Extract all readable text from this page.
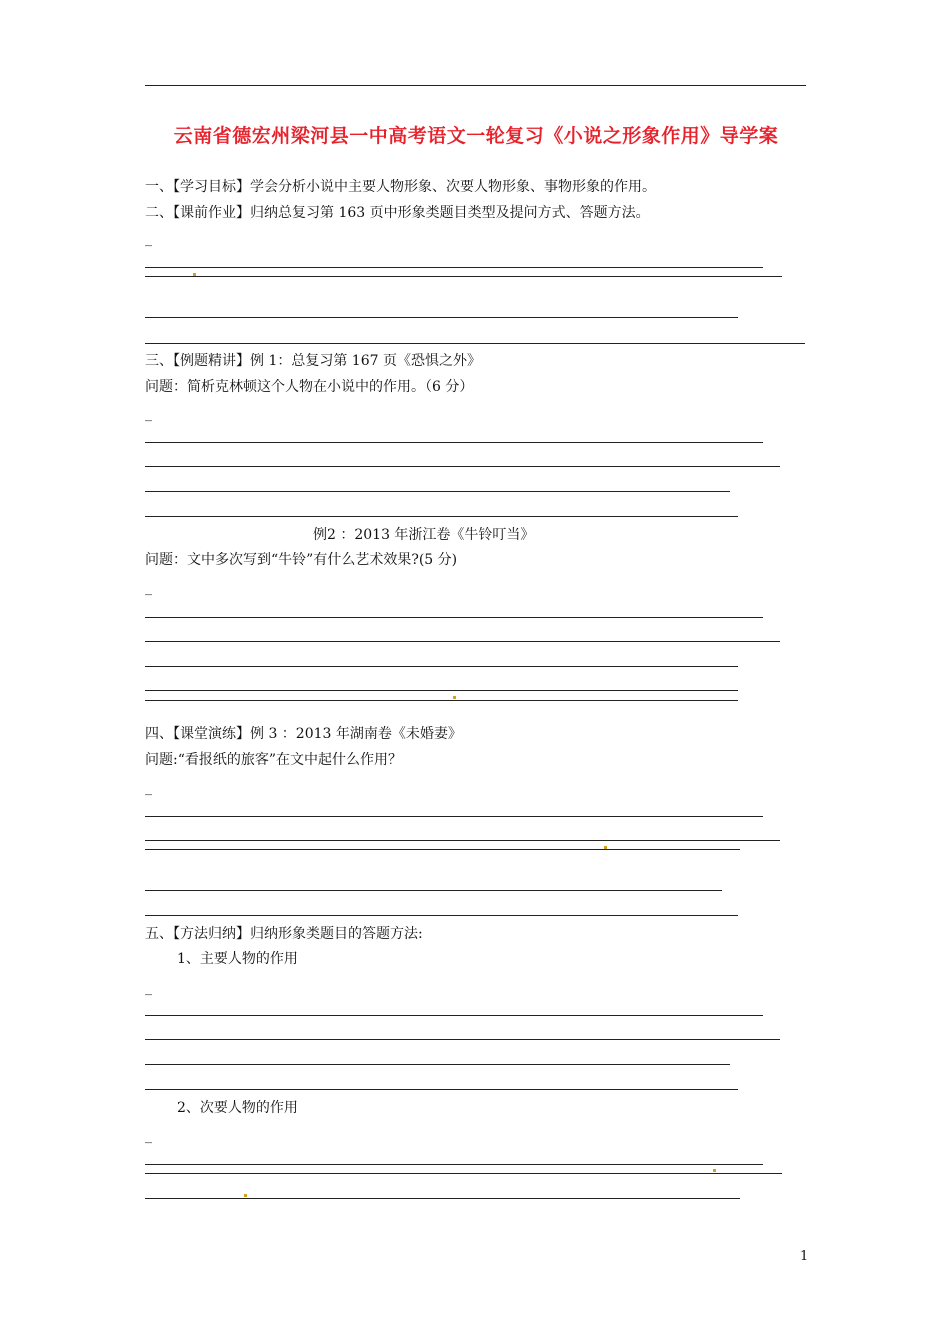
云南省德宏州梁河县一中高考语文一轮复习《小说之形象作用》导学案
一、【学习目标】学会分析小说中主要人物形象、次要人物形象、事物形象的作用。
二、【课前作业】归纳总复习第 163 页中形象类题目类型及提问方式、答题方法。
_
三、【例题精讲】例 1：总复习第 167 页《恐惧之外》
问题：简析克林顿这个人物在小说中的作用。（6 分）
_
例2 ：2013 年浙江卷《牛铃叮当》
问题：文中多次写到“牛铃”有什么艺术效果?(5 分)
_
四、【课堂演练】例 3 ：2013 年湖南卷《未婚妻》
问题:“看报纸的旅客”在文中起什么作用？
_
五、【方法归纳】归纳形象类题目的答题方法:
1、主要人物的作用
_
2、次要人物的作用
_
1
